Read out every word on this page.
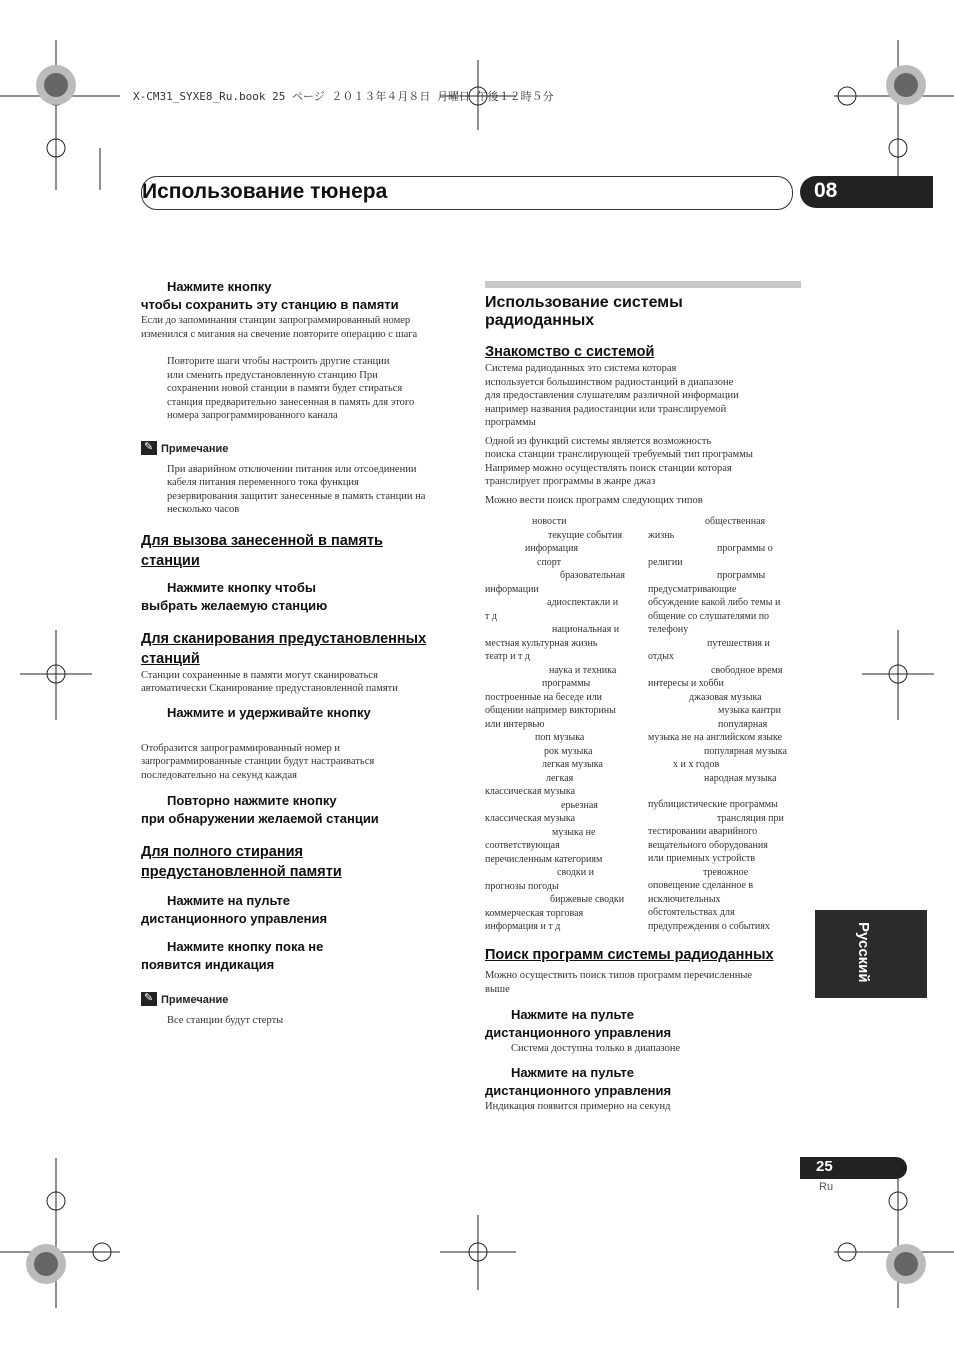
X-CM31_SYXE8_Ru.book 25 ページ ２０１３年４月８日 月曜日 午後１２時５分
Использование тюнера	08
Русский
25
Ru
Нажмите кнопку
чтобы сохранить эту станцию в памяти
Если до запоминания станции запрограммированный номер
изменился с мигания на свечение повторите операцию с шага
Повторите шаги чтобы настроить другие станции
или сменить предустановленную станцию При
сохранении новой станции в памяти будет стираться
станция предварительно занесенная в память для этого
номера запрограммированного канала
✎Примечание
При аварийном отключении питания или отсоединении
кабеля питания переменного тока функция
резервирования защитит занесенные в память станции на
несколько часов
Для вызова занесенной в память
станции
Нажмите кнопку чтобы
выбрать желаемую станцию
Для сканирования предустановленных
станций
Станции сохраненные в памяти могут сканироваться
автоматически Сканирование предустановленной памяти
Нажмите и удерживайте кнопку
Отобразится запрограммированный номер и
запрограммированные станции будут настраиваться
последовательно на секунд каждая
Повторно нажмите кнопку
при обнаружении желаемой станции
Для полного стирания
предустановленной памяти
Нажмите на пульте
дистанционного управления
Нажмите кнопку пока не
появится индикация
✎Примечание
Все станции будут стерты
Использование системы
радиоданных
Знакомство с системой
Система радиоданных это система которая
используется большинством радиостанций в диапазоне
для предоставления слушателям различной информации
например названия радиостанции или транслируемой
программы
Одной из функций системы является возможность
поиска станции транслирующей требуемый тип программы
Например можно осуществлять поиск станции которая
транслирует программы в жанре джаз
Можно вести поиск программ следующих типов
новости
текущие события
информация
спорт
бразовательная
информации
адиоспектакли и
т д
национальная и
местная культурная жизнь
театр и т д
наука и техника
программы
построенные на беседе или
общении например викторины
или интервью
поп музыка
рок музыка
легкая музыка
легкая
классическая музыка
ерьезная
классическая музыка
музыка не
соответствующая
перечисленным категориям
сводки и
прогнозы погоды
биржевые сводки
коммерческая торговая
информация и т д
общественная
жизнь
программы о
религии
программы
предусматривающие
обсуждение какой либо темы и
общение со слушателями по
телефону
путешествия и
отдых
свободное время
интересы и хобби
джазовая музыка
музыка кантри
популярная
музыка не на английском языке
популярная музыка
х и х годов
народная музыка
публицистические программы
трансляция при
тестировании аварийного
вещательного оборудования
или приемных устройств
тревожное
оповещение сделанное в
исключительных
обстоятельствах для
предупреждения о событиях
Поиск программ системы радиоданных
Можно осуществить поиск типов программ перечисленные
выше
Нажмите на пульте
дистанционного управления
Система доступна только в диапазоне
Нажмите на пульте
дистанционного управления
Индикация появится примерно на секунд
